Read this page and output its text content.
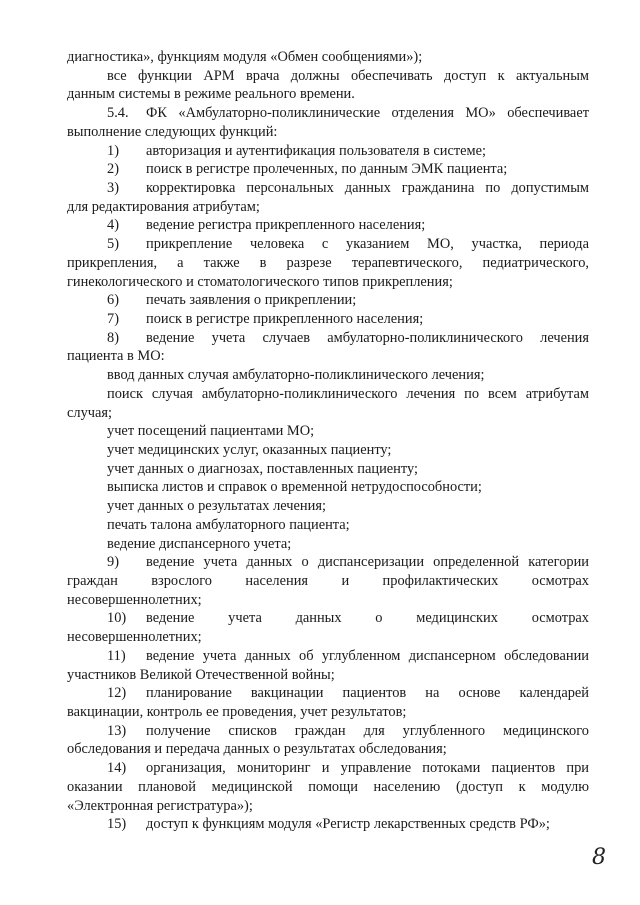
диагностика», функциям модуля «Обмен сообщениями»);
все функции АРМ врача должны обеспечивать доступ к актуальным
данным системы в режиме реального времени.
5.4. ФК «Амбулаторно-поликлинические отделения МО» обеспечивает
выполнение следующих функций:
1) авторизация и аутентификация пользователя в системе;
2) поиск в регистре пролеченных, по данным ЭМК пациента;
3) корректировка персональных данных гражданина по допустимым
для редактирования атрибутам;
4) ведение регистра прикрепленного населения;
5) прикрепление человека с указанием МО, участка, периода
прикрепления, а также в разрезе терапевтического, педиатрического,
гинекологического и стоматологического типов прикрепления;
6) печать заявления о прикреплении;
7) поиск в регистре прикрепленного населения;
8) ведение учета случаев амбулаторно-поликлинического лечения
пациента в МО:
ввод данных случая амбулаторно-поликлинического лечения;
поиск случая амбулаторно-поликлинического лечения по всем атрибутам
случая;
учет посещений пациентами МО;
учет медицинских услуг, оказанных пациенту;
учет данных о диагнозах, поставленных пациенту;
выписка листов и справок о временной нетрудоспособности;
учет данных о результатах лечения;
печать талона амбулаторного пациента;
ведение диспансерного учета;
9) ведение учета данных о диспансеризации определенной категории
граждан взрослого населения и профилактических осмотрах
несовершеннолетних;
10) ведение учета данных о медицинских осмотрах
несовершеннолетних;
11) ведение учета данных об углубленном диспансерном обследовании
участников Великой Отечественной войны;
12) планирование вакцинации пациентов на основе календарей
вакцинации, контроль ее проведения, учет результатов;
13) получение списков граждан для углубленного медицинского
обследования и передача данных о результатах обследования;
14) организация, мониторинг и управление потоками пациентов при
оказании плановой медицинской помощи населению (доступ к модулю
«Электронная регистратура»);
15) доступ к функциям модуля «Регистр лекарственных средств РФ»;
8
